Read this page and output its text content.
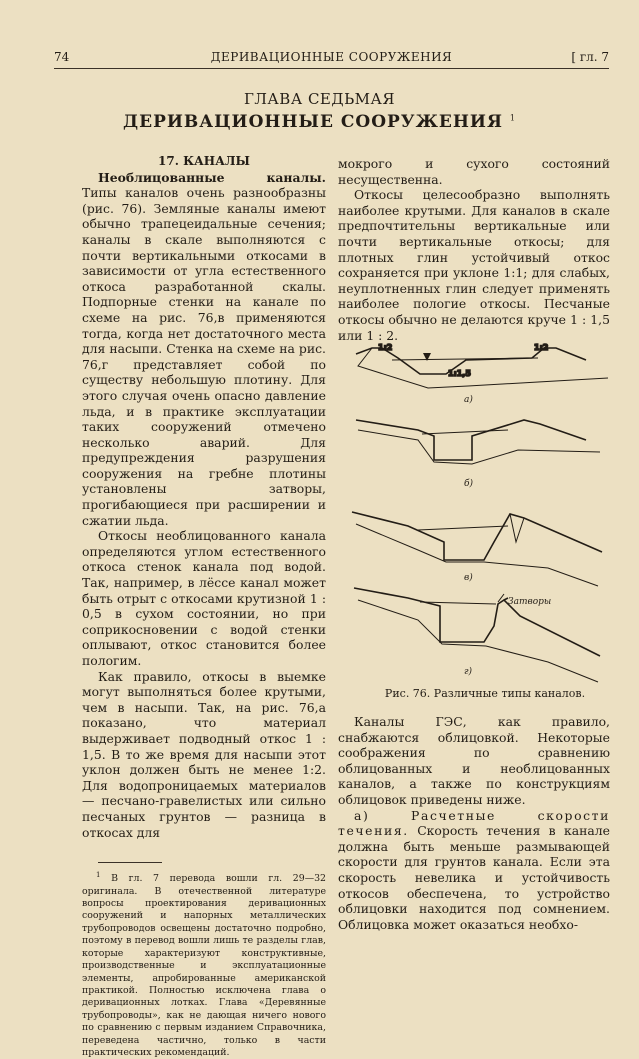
74	ДЕРИВАЦИОННЫЕ СООРУЖЕНИЯ	[ гл. 7
ГЛАВА СЕДЬМАЯ
ДЕРИВАЦИОННЫЕ СООРУЖЕНИЯ $^1$

17. КАНАЛЫ

Необлицованные каналы. Типы каналов очень разнообразны (рис. 76). Земляные каналы имеют обычно трапецеидальные сечения; каналы в скале выполняются с почти вертикальными откосами в зависимости от угла естественного откоса разработанной скалы. Подпорные стенки на канале по схеме на рис. 76,в применяются тогда, когда нет достаточного места для насыпи. Стенка на схеме на рис. 76,г представляет собой по существу небольшую плотину. Для этого случая очень опасно давление льда, и в практике эксплуатации таких сооружений отмечено несколько аварий. Для предупреждения разрушения сооружения на гребне плотины установлены затворы, прогибающиеся при расширении и сжатии льда.

Откосы необлицованного канала определяются углом естественного откоса стенок канала под водой. Так, например, в лёссе канал может быть отрыт с откосами крутизной 1 : 0,5 в сухом состоянии, но при соприкосновении с водой стенки оплывают, откос становится более пологим.

Как правило, откосы в выемке могут выполняться более крутыми, чем в насыпи. Так, на рис. 76,а показано, что материал выдерживает подводный откос 1 : 1,5. В то же время для насыпи этот уклон должен быть не менее 1:2. Для водопроницаемых материалов — песчано-гравелистых или сильно песчаных грунтов — разница в откосах для

$^1$ В гл. 7 перевода вошли гл. 29—32 оригинала. В отечественной литературе вопросы проектирования деривационных сооружений и напорных металлических трубопроводов освещены достаточно подробно, поэтому в перевод вошли лишь те разделы глав, которые характеризуют конструктивные, производственные и эксплуатационные элементы, апробированные американской практикой. Полностью исключена глава о деривационных лотках. Глава «Деревянные трубопроводы», как не дающая ничего нового по сравнению с первым изданием Справочника, переведена частично, только в части практических рекомендаций.

мокрого и сухого состояний несущественна.

Откосы целесообразно выполнять наиболее крутыми. Для каналов в скале предпочтительны вертикальные или почти вертикальные откосы; для плотных глин устойчивый откос сохраняется при уклоне 1:1; для слабых, неуплотненных глин следует применять наиболее пологие откосы. Песчаные откосы обычно не делаются круче 1 : 1,5 или 1 : 2.

1:2	1:2
1:1,5
а)
б)
в)
Затворы
г)
Рис. 76. Различные типы каналов.

Каналы ГЭС, как правило, снабжаются облицовкой. Некоторые соображения по сравнению облицованных и необлицованных каналов, а также по конструкциям облицовок приведены ниже.

а) Расчетные скорости течения. Скорость течения в канале должна быть меньше размывающей скорости для грунтов канала. Если эта скорость невелика и устойчивость откосов обеспечена, то устройство облицовки находится под сомнением. Облицовка может оказаться необхо-
